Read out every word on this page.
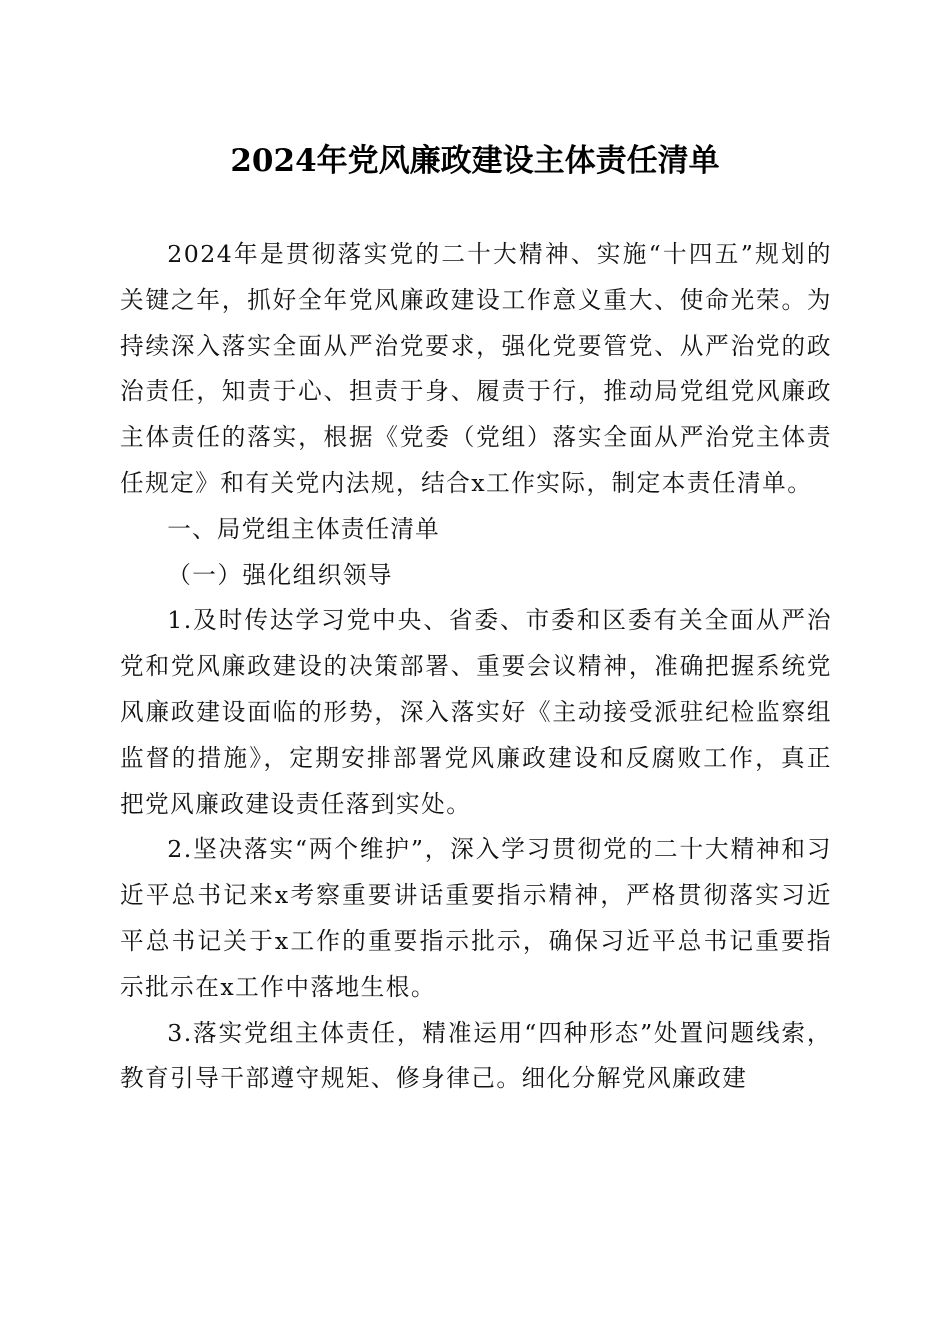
2024年党风廉政建设主体责任清单

2024年是贯彻落实党的二十大精神、实施“十四五”规划的关键之年，抓好全年党风廉政建设工作意义重大、使命光荣。为持续深入落实全面从严治党要求，强化党要管党、从严治党的政治责任，知责于心、担责于身、履责于行，推动局党组党风廉政主体责任的落实，根据《党委（党组）落实全面从严治党主体责任规定》和有关党内法规，结合x工作实际，制定本责任清单。

一、局党组主体责任清单

（一）强化组织领导

1.及时传达学习党中央、省委、市委和区委有关全面从严治党和党风廉政建设的决策部署、重要会议精神，准确把握系统党风廉政建设面临的形势，深入落实好《主动接受派驻纪检监察组监督的措施》，定期安排部署党风廉政建设和反腐败工作，真正把党风廉政建设责任落到实处。

2.坚决落实“两个维护”，深入学习贯彻党的二十大精神和习近平总书记来x考察重要讲话重要指示精神，严格贯彻落实习近平总书记关于x工作的重要指示批示，确保习近平总书记重要指示批示在x工作中落地生根。

3.落实党组主体责任，精准运用“四种形态”处置问题线索，教育引导干部遵守规矩、修身律己。细化分解党风廉政建
